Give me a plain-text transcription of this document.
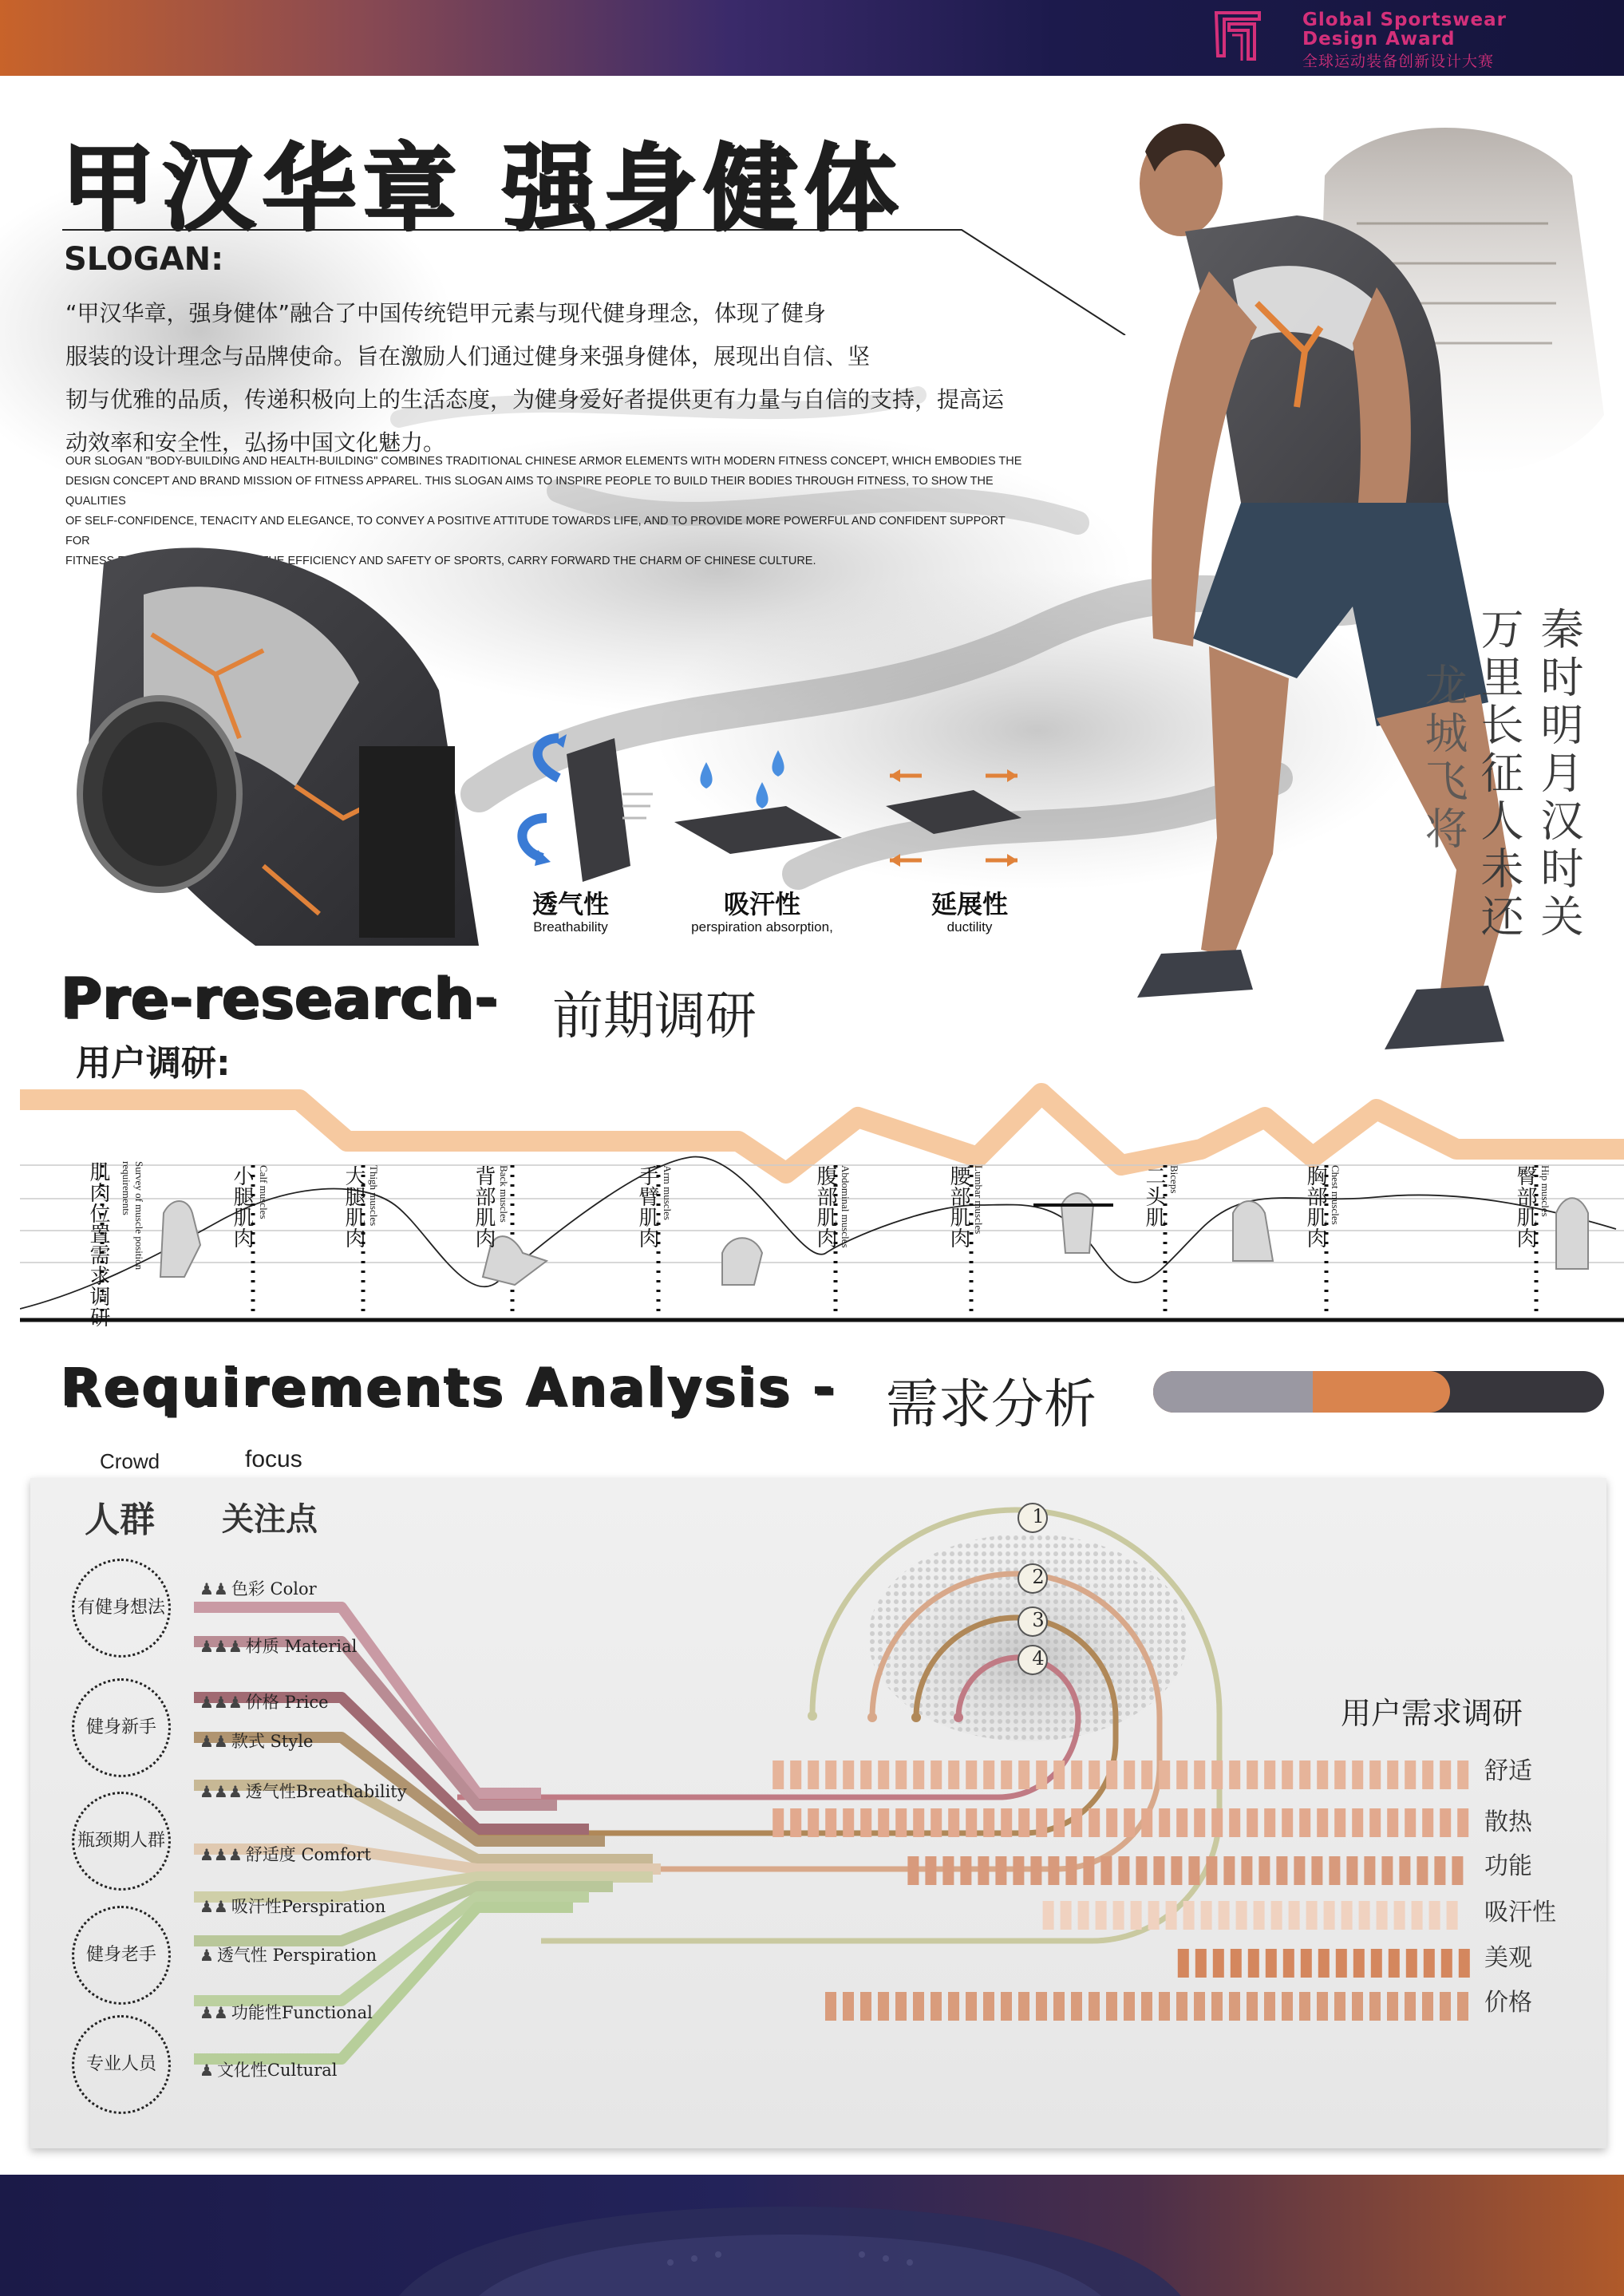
Global Sportswear
Design Award
全球运动装备创新设计大赛
甲汉华章 强身健体
SLOGAN:
“甲汉华章，强身健体”融合了中国传统铠甲元素与现代健身理念，体现了健身
服装的设计理念与品牌使命。旨在激励人们通过健身来强身健体，展现出自信、坚
韧与优雅的品质，传递积极向上的生活态度，为健身爱好者提供更有力量与自信的支持，提高运
动效率和安全性，弘扬中国文化魅力。
OUR SLOGAN "BODY-BUILDING AND HEALTH-BUILDING" COMBINES TRADITIONAL CHINESE ARMOR ELEMENTS WITH MODERN FITNESS CONCEPT, WHICH EMBODIES THE
DESIGN CONCEPT AND BRAND MISSION OF FITNESS APPAREL. THIS SLOGAN AIMS TO INSPIRE PEOPLE TO BUILD THEIR BODIES THROUGH FITNESS, TO SHOW THE QUALITIES
OF SELF-CONFIDENCE, TENACITY AND ELEGANCE, TO CONVEY A POSITIVE ATTITUDE TOWARDS LIFE, AND TO PROVIDE MORE POWERFUL AND CONFIDENT SUPPORT FOR
FITNESS ENTHUSIASTS, IMPROVE THE EFFICIENCY AND SAFETY OF SPORTS, CARRY FORWARD THE CHARM OF CHINESE CULTURE.
秦时明月汉时关
万里长征人未还
龙城飞将
透气性
Breathability
吸汗性
perspiration absorption,
延展性
ductility
Pre-research- 前期调研
用户调研:
肌肉位置需求调研	Survey of muscle position requirements	小腿肌肉 Calf muscles	大腿肌肉 Thigh muscles	背部肌肉 Back muscles	手臂肌肉 Arm muscles	腹部肌肉 Abdominal muscles	腰部肌肉 Lumbar muscles	二头肌 Biceps	胸部肌肉 Chest muscles	臀部肌肉 Hip muscles
Requirements Analysis - 需求分析
Crowd	focus
1
2
3
4
人群 关注点
有健身想法
健身新手
瓶颈期人群
健身老手
专业人员
♟♟ 色彩 Color
♟♟♟ 材质 Material
♟♟♟ 价格 Price
♟♟ 款式 Style
♟♟♟ 透气性Breathability
♟♟♟ 舒适度 Comfort
♟♟ 吸汗性Perspiration
♟ 透气性 Perspiration
♟♟ 功能性Functional
♟ 文化性Cultural
用户需求调研
舒适
散热
功能
吸汗性
美观
价格
